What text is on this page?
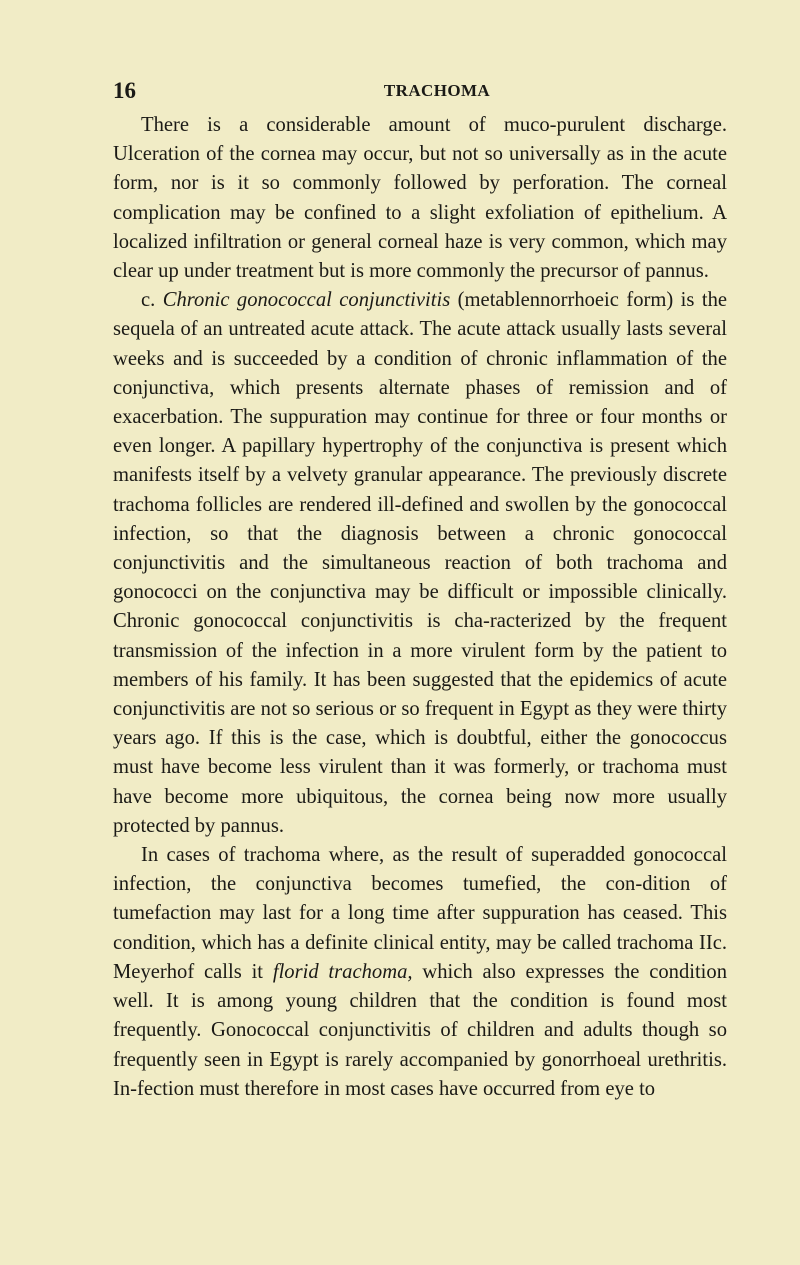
16	TRACHOMA

There is a considerable amount of muco-purulent discharge. Ulceration of the cornea may occur, but not so universally as in the acute form, nor is it so commonly followed by perforation. The corneal complication may be confined to a slight exfoliation of epithelium. A localized infiltration or general corneal haze is very common, which may clear up under treatment but is more commonly the precursor of pannus.

c. Chronic gonococcal conjunctivitis (metablennorrhoeic form) is the sequela of an untreated acute attack. The acute attack usually lasts several weeks and is succeeded by a condition of chronic inflammation of the conjunctiva, which presents alternate phases of remission and of exacerbation. The suppuration may continue for three or four months or even longer. A papillary hypertrophy of the conjunctiva is present which manifests itself by a velvety granular appearance. The previously discrete trachoma follicles are rendered ill-defined and swollen by the gonococcal infection, so that the diagnosis between a chronic gonococcal conjunctivitis and the simultaneous reaction of both trachoma and gonococci on the conjunctiva may be difficult or impossible clinically. Chronic gonococcal conjunctivitis is cha-racterized by the frequent transmission of the infection in a more virulent form by the patient to members of his family. It has been suggested that the epidemics of acute conjunctivitis are not so serious or so frequent in Egypt as they were thirty years ago. If this is the case, which is doubtful, either the gonococcus must have become less virulent than it was formerly, or trachoma must have become more ubiquitous, the cornea being now more usually protected by pannus.

In cases of trachoma where, as the result of superadded gonococcal infection, the conjunctiva becomes tumefied, the con-dition of tumefaction may last for a long time after suppuration has ceased. This condition, which has a definite clinical entity, may be called trachoma IIc. Meyerhof calls it florid trachoma, which also expresses the condition well. It is among young children that the condition is found most frequently. Gonococcal conjunctivitis of children and adults though so frequently seen in Egypt is rarely accompanied by gonorrhoeal urethritis. In-fection must therefore in most cases have occurred from eye to
